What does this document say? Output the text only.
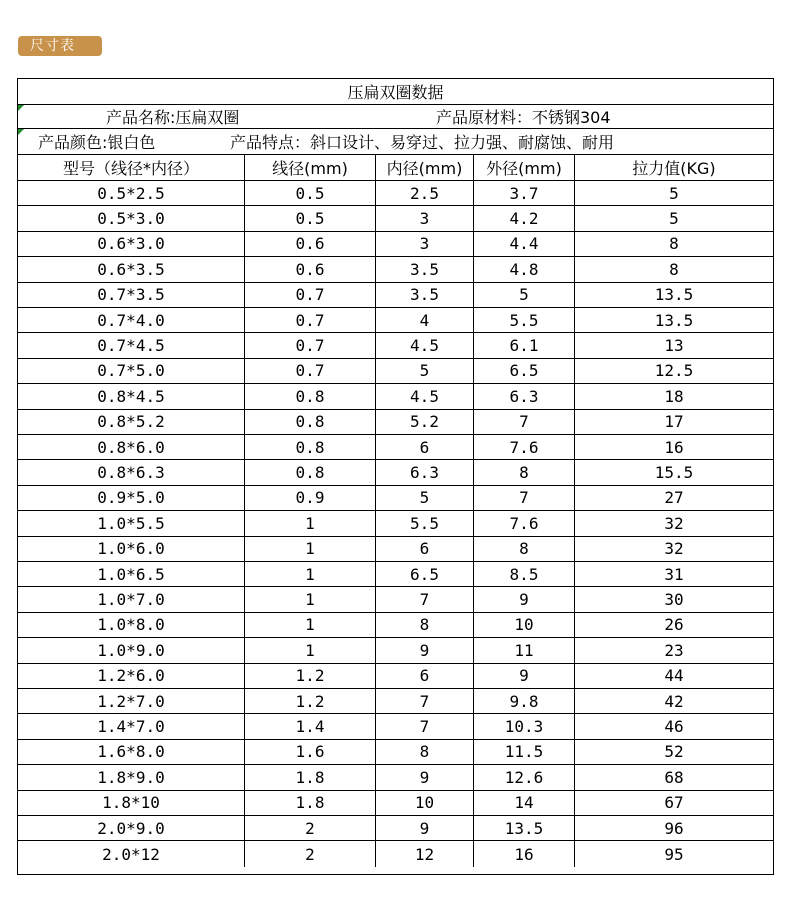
尺寸表
压扁双圈数据
产品名称:压扁双圈	产品原材料：不锈钢304
产品颜色:银白色	产品特点：斜口设计、易穿过、拉力强、耐腐蚀、耐用
型号（线径*内径）	线径(mm)	内径(mm)	外径(mm)	拉力值(KG)
0.5*2.5	0.5	2.5	3.7	5
0.5*3.0	0.5	3	4.2	5
0.6*3.0	0.6	3	4.4	8
0.6*3.5	0.6	3.5	4.8	8
0.7*3.5	0.7	3.5	5	13.5
0.7*4.0	0.7	4	5.5	13.5
0.7*4.5	0.7	4.5	6.1	13
0.7*5.0	0.7	5	6.5	12.5
0.8*4.5	0.8	4.5	6.3	18
0.8*5.2	0.8	5.2	7	17
0.8*6.0	0.8	6	7.6	16
0.8*6.3	0.8	6.3	8	15.5
0.9*5.0	0.9	5	7	27
1.0*5.5	1	5.5	7.6	32
1.0*6.0	1	6	8	32
1.0*6.5	1	6.5	8.5	31
1.0*7.0	1	7	9	30
1.0*8.0	1	8	10	26
1.0*9.0	1	9	11	23
1.2*6.0	1.2	6	9	44
1.2*7.0	1.2	7	9.8	42
1.4*7.0	1.4	7	10.3	46
1.6*8.0	1.6	8	11.5	52
1.8*9.0	1.8	9	12.6	68
1.8*10	1.8	10	14	67
2.0*9.0	2	9	13.5	96
2.0*12	2	12	16	95
